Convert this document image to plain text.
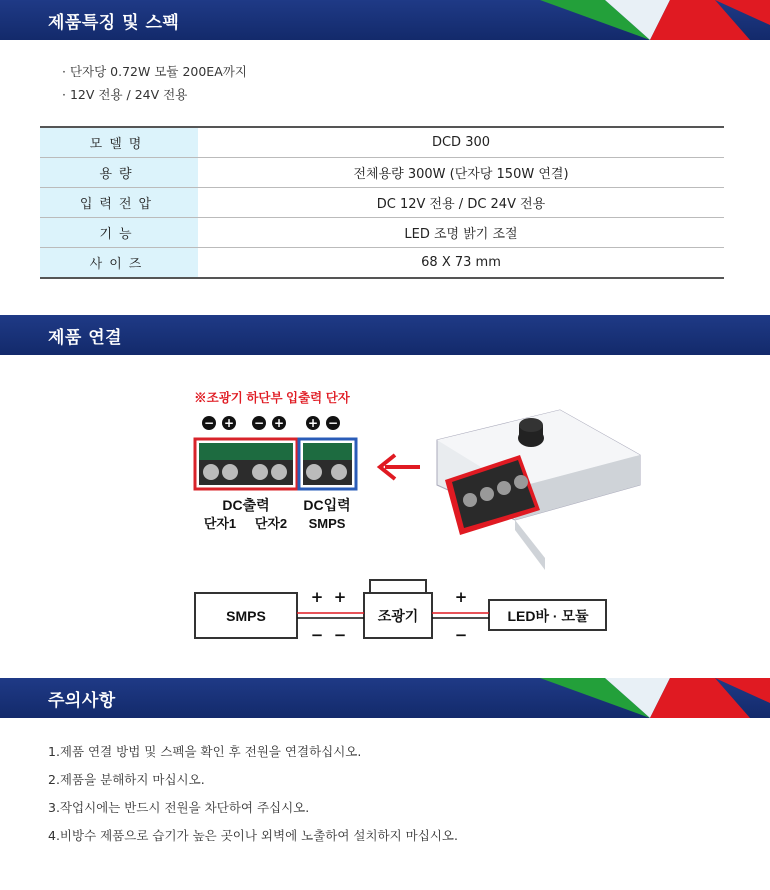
제품특징 및 스펙
· 단자당 0.72W 모듈 200EA까지
· 12V 전용 / 24V 전용
모델명	DCD 300
용량	전체용량 300W (단자당 150W 연결)
입력전압	DC 12V 전용 / DC 24V 전용
기능	LED 조명 밝기 조절
사이즈	68 X 73 mm
제품 연결
※조광기 하단부 입출력 단자
− + − + + −
DC출력 DC입력
단자1 단자2 SMPS
SMPS	조광기	LED바 · 모듈
+ +	+
− −	−
주의사항
1.제품 연결 방법 및 스펙을 확인 후 전원을 연결하십시오.
2.제품을 분해하지 마십시오.
3.작업시에는 반드시 전원을 차단하여 주십시오.
4.비방수 제품으로 습기가 높은 곳이나 외벽에 노출하여 설치하지 마십시오.
